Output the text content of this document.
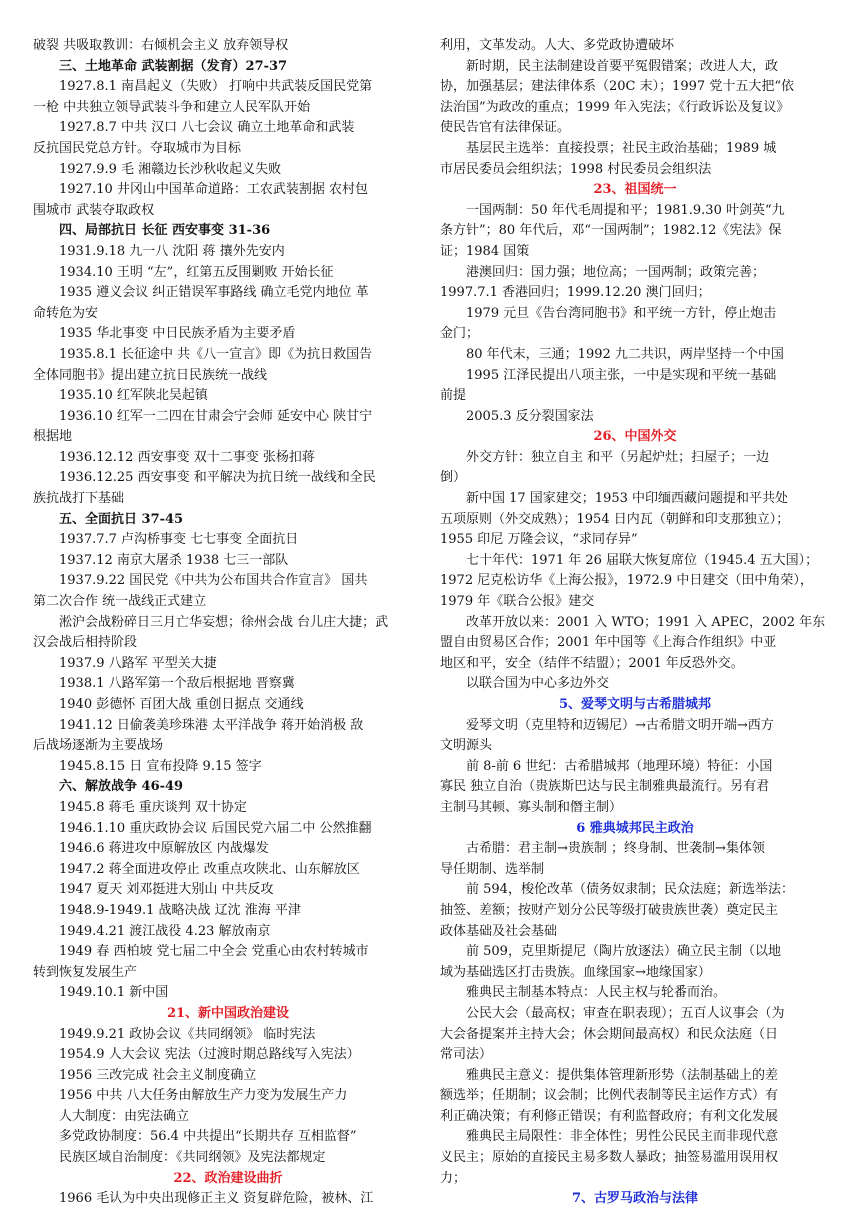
破裂 共吸取教训：右倾机会主义 放弃领导权
三、土地革命 武装割据（发育）27-37
1927.8.1 南昌起义（失败） 打响中共武装反国民党第
一枪 中共独立领导武装斗争和建立人民军队开始
1927.8.7 中共 汉口 八七会议 确立土地革命和武装
反抗国民党总方针。夺取城市为目标
1927.9.9 毛 湘赣边长沙秋收起义失败
1927.10 井冈山中国革命道路：工农武装割据 农村包
围城市 武装夺取政权
四、局部抗日 长征 西安事变 31-36
1931.9.18 九一八 沈阳 蒋 攘外先安内
1934.10 王明 “左”，红第五反围剿败 开始长征
1935 遵义会议 纠正错误军事路线 确立毛党内地位 革
命转危为安
1935 华北事变 中日民族矛盾为主要矛盾
1935.8.1 长征途中 共《八一宣言》即《为抗日救国告
全体同胞书》提出建立抗日民族统一战线
1935.10 红军陕北吴起镇
1936.10 红军一二四在甘肃会宁会师 延安中心 陕甘宁
根据地
1936.12.12 西安事变 双十二事变 张杨扣蒋
1936.12.25 西安事变 和平解决为抗日统一战线和全民
族抗战打下基础
五、全面抗日 37-45
1937.7.7 卢沟桥事变 七七事变 全面抗日
1937.12 南京大屠杀 1938 七三一部队
1937.9.22 国民党《中共为公布国共合作宣言》 国共
第二次合作 统一战线正式建立
淞沪会战粉碎日三月亡华妄想；徐州会战 台儿庄大捷；武
汉会战后相持阶段
1937.9 八路军 平型关大捷
1938.1 八路军第一个敌后根据地 晋察冀
1940 彭德怀 百团大战 重创日据点 交通线
1941.12 日偷袭美珍珠港 太平洋战争 蒋开始消极 敌
后战场逐渐为主要战场
1945.8.15 日 宣布投降 9.15 签字
六、解放战争 46-49
1945.8 蒋毛 重庆谈判 双十协定
1946.1.10 重庆政协会议 后国民党六届二中 公然推翻
1946.6 蒋进攻中原解放区 内战爆发
1947.2 蒋全面进攻停止 改重点攻陕北、山东解放区
1947 夏天 刘邓挺进大别山 中共反攻
1948.9-1949.1 战略决战 辽沈 淮海 平津
1949.4.21 渡江战役 4.23 解放南京
1949 春 西柏坡 党七届二中全会 党重心由农村转城市
转到恢复发展生产
1949.10.1 新中国
21、新中国政治建设
1949.9.21 政协会议《共同纲领》 临时宪法
1954.9 人大会议 宪法（过渡时期总路线写入宪法）
1956 三改完成 社会主义制度确立
1956 中共 八大任务由解放生产力变为发展生产力
人大制度：由宪法确立
多党政协制度：56.4 中共提出“长期共存 互相监督”
民族区域自治制度：《共同纲领》及宪法都规定
22、政治建设曲折
1966 毛认为中央出现修正主义 资复辟危险，被林、江
利用，文革发动。人大、多党政协遭破坏
新时期，民主法制建设首要平冤假错案；改进人大，政
协，加强基层；建法律体系（20C 末）；1997 党十五大把“依
法治国”为政改的重点；1999 年入宪法；《行政诉讼及复议》
使民告官有法律保证。
基层民主选举：直接投票；社民主政治基础；1989 城
市居民委员会组织法；1998 村民委员会组织法
23、祖国统一
一国两制：50 年代毛周提和平；1981.9.30 叶剑英“九
条方针”；80 年代后，邓“一国两制”；1982.12《宪法》保
证；1984 国策
港澳回归：国力强；地位高；一国两制；政策完善；
1997.7.1 香港回归；1999.12.20 澳门回归；
1979 元旦《告台湾同胞书》和平统一方针，停止炮击
金门；
80 年代末，三通；1992 九二共识，两岸坚持一个中国
1995 江泽民提出八项主张，一中是实现和平统一基础
前提
2005.3 反分裂国家法
26、中国外交
外交方针：独立自主 和平（另起炉灶；扫屋子；一边
倒）
新中国 17 国家建交；1953 中印缅西藏问题提和平共处
五项原则（外交成熟）；1954 日内瓦（朝鲜和印支那独立）；
1955 印尼 万隆会议，“求同存异”
七十年代：1971 年 26 届联大恢复席位（1945.4 五大国）；
1972 尼克松访华《上海公报》，1972.9 中日建交（田中角荣），
1979 年《联合公报》建交
改革开放以来：2001 入 WTO；1991 入 APEC，2002 年东
盟自由贸易区合作；2001 年中国等《上海合作组织》中亚
地区和平，安全（结伴不结盟）；2001 年反恐外交。
以联合国为中心多边外交
5、爱琴文明与古希腊城邦
爱琴文明（克里特和迈锡尼）→古希腊文明开端→西方
文明源头
前 8-前 6 世纪：古希腊城邦（地理环境）特征：小国
寡民 独立自治（贵族斯巴达与民主制雅典最流行。另有君
主制马其顿、寡头制和僭主制）
6 雅典城邦民主政治
古希腊：君主制→贵族制 ；终身制、世袭制→集体领
导任期制、选举制
前 594，梭伦改革（债务奴隶制；民众法庭；新选举法：
抽签、差额；按财产划分公民等级打破贵族世袭）奠定民主
政体基础及社会基础
前 509，克里斯提尼（陶片放逐法）确立民主制（以地
域为基础选区打击贵族。血缘国家→地缘国家）
雅典民主制基本特点：人民主权与轮番而治。
公民大会（最高权；审查在职表现）；五百人议事会（为
大会备提案并主持大会；休会期间最高权）和民众法庭（日
常司法）
雅典民主意义：提供集体管理新形势（法制基础上的差
额选举；任期制；议会制；比例代表制等民主运作方式）有
利正确决策；有利修正错误；有利监督政府；有利文化发展
雅典民主局限性：非全体性；男性公民民主而非现代意
义民主；原始的直接民主易多数人暴政；抽签易滥用误用权
力；
7、古罗马政治与法律
